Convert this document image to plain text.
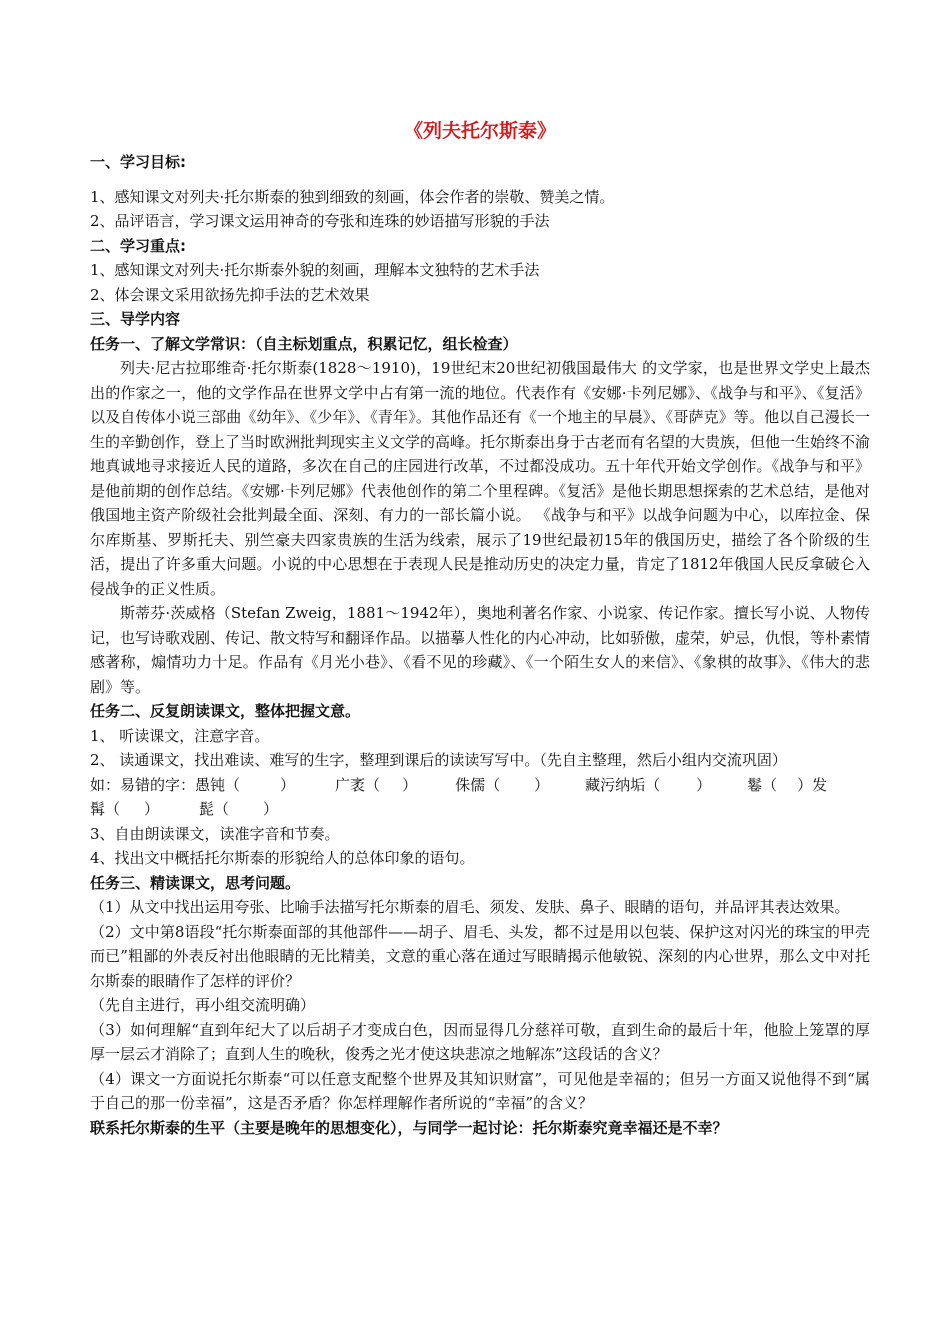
《列夫托尔斯泰》
一、学习目标:
1、感知课文对列夫·托尔斯泰的独到细致的刻画，体会作者的崇敬、赞美之情。
2、品评语言，学习课文运用神奇的夸张和连珠的妙语描写形貌的手法
二、学习重点:
1、感知课文对列夫·托尔斯泰外貌的刻画，理解本文独特的艺术手法
2、体会课文采用欲扬先抑手法的艺术效果
三、导学内容
任务一、了解文学常识：（自主标划重点，积累记忆，组长检查）
列夫·尼古拉耶维奇·托尔斯泰(1828～1910)，19世纪末20世纪初俄国最伟大 的文学家，也是世界文学史上最杰出的作家之一，他的文学作品在世界文学中占有第一流的地位。代表作有《安娜·卡列尼娜》、《战争与和平》、《复活》以及自传体小说三部曲《幼年》、《少年》、《青年》。其他作品还有《一个地主的早晨》、《哥萨克》等。他以自己漫长一生的辛勤创作，登上了当时欧洲批判现实主义文学的高峰。托尔斯泰出身于古老而有名望的大贵族，但他一生始终不渝地真诚地寻求接近人民的道路，多次在自己的庄园进行改革，不过都没成功。五十年代开始文学创作。《战争与和平》是他前期的创作总结。《安娜·卡列尼娜》代表他创作的第二个里程碑。《复活》是他长期思想探索的艺术总结，是他对俄国地主资产阶级社会批判最全面、深刻、有力的一部长篇小说。 《战争与和平》以战争问题为中心，以库拉金、保尔库斯基、罗斯托夫、别竺豪夫四家贵族的生活为线索，展示了19世纪最初15年的俄国历史，描绘了各个阶级的生活，提出了许多重大问题。小说的中心思想在于表现人民是推动历史的决定力量，肯定了1812年俄国人民反拿破仑入侵战争的正义性质。
斯蒂芬·茨威格（Stefan Zweig，1881～1942年），奥地利著名作家、小说家、传记作家。擅长写小说、人物传记，也写诗歌戏剧、传记、散文特写和翻译作品。以描摹人性化的内心冲动，比如骄傲，虚荣，妒忌，仇恨，等朴素情感著称，煽情功力十足。作品有《月光小巷》、《看不见的珍藏》、《一个陌生女人的来信》、《象棋的故事》、《伟大的悲剧》等。
任务二、反复朗读课文，整体把握文意。
1、 听读课文，注意字音。
2、 读通课文，找出难读、难写的生字，整理到课后的读读写写中。（先自主整理，然后小组内交流巩固）
如：易错的字：愚钝（	）	广袤（ ）	侏儒（ ） 藏污纳垢（ ） 鬈（ ）发
髯（ ）	髭（ ）
3、自由朗读课文，读准字音和节奏。
4、找出文中概括托尔斯泰的形貌给人的总体印象的语句。
任务三、精读课文，思考问题。
（1）从文中找出运用夸张、比喻手法描写托尔斯泰的眉毛、须发、发肤、鼻子、眼睛的语句，并品评其表达效果。
（2）文中第8语段“托尔斯泰面部的其他部件——胡子、眉毛、头发，都不过是用以包装、保护这对闪光的珠宝的甲壳而已”粗鄙的外表反衬出他眼睛的无比精美，文意的重心落在通过写眼睛揭示他敏锐、深刻的内心世界，那么文中对托尔斯泰的眼睛作了怎样的评价？
（先自主进行，再小组交流明确）
（3）如何理解“直到年纪大了以后胡子才变成白色，因而显得几分慈祥可敬，直到生命的最后十年，他脸上笼罩的厚厚一层云才消除了；直到人生的晚秋，俊秀之光才使这块悲凉之地解冻”这段话的含义？
（4）课文一方面说托尔斯泰“可以任意支配整个世界及其知识财富”，可见他是幸福的；但另一方面又说他得不到“属于自己的那一份幸福”，这是否矛盾？你怎样理解作者所说的“幸福”的含义？
联系托尔斯泰的生平（主要是晚年的思想变化），与同学一起讨论：托尔斯泰究竟幸福还是不幸？
